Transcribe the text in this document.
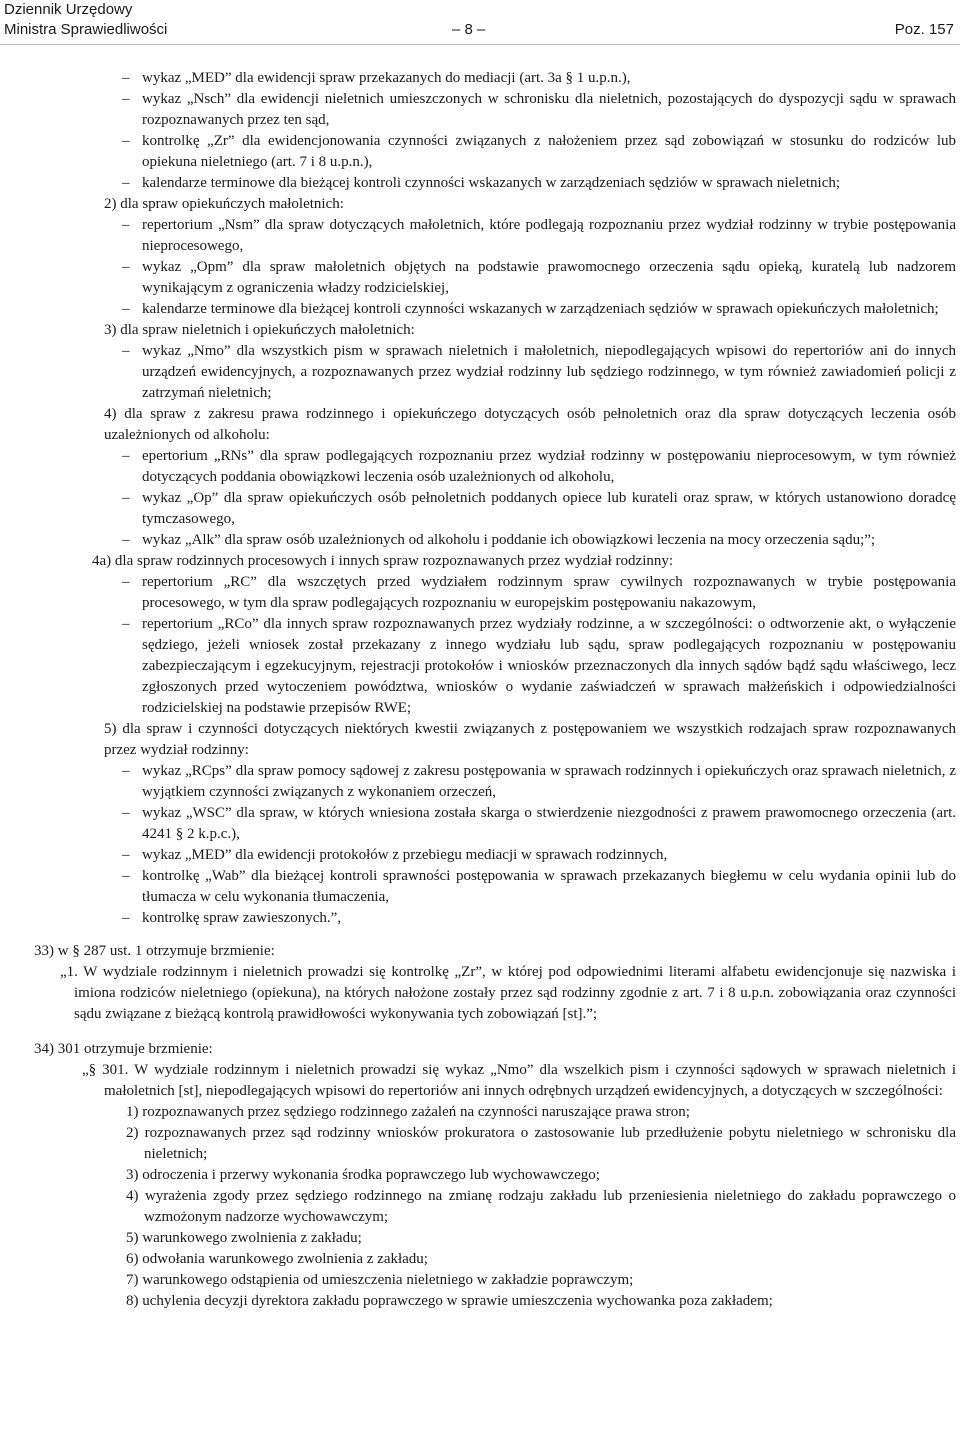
Dziennik Urzędowy
Ministra Sprawiedliwości	– 8 –	Poz. 157
– wykaz „MED” dla ewidencji spraw przekazanych do mediacji (art. 3a § 1 u.p.n.),
– wykaz „Nsch” dla ewidencji nieletnich umieszczonych w schronisku dla nieletnich, pozostających do dyspozycji sądu w sprawach rozpoznawanych przez ten sąd,
– kontrolkę „Zr” dla ewidencjonowania czynności związanych z nałożeniem przez sąd zobowiązań w stosunku do rodziców lub opiekuna nieletniego (art. 7 i 8 u.p.n.),
– kalendarze terminowe dla bieżącej kontroli czynności wskazanych w zarządzeniach sędziów w sprawach nieletnich;
2) dla spraw opiekuńczych małoletnich:
– repertorium „Nsm” dla spraw dotyczących małoletnich, które podlegają rozpoznaniu przez wydział rodzinny w trybie postępowania nieprocesowego,
– wykaz „Opm” dla spraw małoletnich objętych na podstawie prawomocnego orzeczenia sądu opieką, kuratelą lub nadzorem wynikającym z ograniczenia władzy rodzicielskiej,
– kalendarze terminowe dla bieżącej kontroli czynności wskazanych w zarządzeniach sędziów w sprawach opiekuńczych małoletnich;
3) dla spraw nieletnich i opiekuńczych małoletnich:
– wykaz „Nmo” dla wszystkich pism w sprawach nieletnich i małoletnich, niepodlegających wpisowi do repertoriów ani do innych urządzeń ewidencyjnych, a rozpoznawanych przez wydział rodzinny lub sędziego rodzinnego, w tym również zawiadomień policji z zatrzymań nieletnich;
4) dla spraw z zakresu prawa rodzinnego i opiekuńczego dotyczących osób pełnoletnich oraz dla spraw dotyczących leczenia osób uzależnionych od alkoholu:
– epertorium „RNs” dla spraw podlegających rozpoznaniu przez wydział rodzinny w postępowaniu nieprocesowym, w tym również dotyczących poddania obowiązkowi leczenia osób uzależnionych od alkoholu,
– wykaz „Op” dla spraw opiekuńczych osób pełnoletnich poddanych opiece lub kurateli oraz spraw, w których ustanowiono doradcę tymczasowego,
– wykaz „Alk” dla spraw osób uzależnionych od alkoholu i poddanie ich obowiązkowi leczenia na mocy orzeczenia sądu;”;
4a) dla spraw rodzinnych procesowych i innych spraw rozpoznawanych przez wydział rodzinny:
– repertorium „RC” dla wszczętych przed wydziałem rodzinnym spraw cywilnych rozpoznawanych w trybie postępowania procesowego, w tym dla spraw podlegających rozpoznaniu w europejskim postępowaniu nakazowym,
– repertorium „RCo” dla innych spraw rozpoznawanych przez wydziały rodzinne, a w szczególności: o odtworzenie akt, o wyłączenie sędziego, jeżeli wniosek został przekazany z innego wydziału lub sądu, spraw podlegających rozpoznaniu w postępowaniu zabezpieczającym i egzekucyjnym, rejestracji protokołów i wniosków przeznaczonych dla innych sądów bądź sądu właściwego, lecz zgłoszonych przed wytoczeniem powództwa, wniosków o wydanie zaświadczeń w sprawach małżeńskich i odpowiedzialności rodzicielskiej na podstawie przepisów RWE;
5) dla spraw i czynności dotyczących niektórych kwestii związanych z postępowaniem we wszystkich rodzajach spraw rozpoznawanych przez wydział rodzinny:
– wykaz „RCps” dla spraw pomocy sądowej z zakresu postępowania w sprawach rodzinnych i opiekuńczych oraz sprawach nieletnich, z wyjątkiem czynności związanych z wykonaniem orzeczeń,
– wykaz „WSC” dla spraw, w których wniesiona została skarga o stwierdzenie niezgodności z prawem prawomocnego orzeczenia (art. 4241 § 2 k.p.c.),
– wykaz „MED” dla ewidencji protokołów z przebiegu mediacji w sprawach rodzinnych,
– kontrolkę „Wab” dla bieżącej kontroli sprawności postępowania w sprawach przekazanych biegłemu w celu wydania opinii lub do tłumacza w celu wykonania tłumaczenia,
– kontrolkę spraw zawieszonych.”,
33) w § 287 ust. 1 otrzymuje brzmienie:
„1. W wydziale rodzinnym i nieletnich prowadzi się kontrolkę „Zr”, w której pod odpowiednimi literami alfabetu ewidencjonuje się nazwiska i imiona rodziców nieletniego (opiekuna), na których nałożone zostały przez sąd rodzinny zgodnie z art. 7 i 8 u.p.n. zobowiązania oraz czynności sądu związane z bieżącą kontrolą prawidłowości wykonywania tych zobowiązań [st].”;
34) 301 otrzymuje brzmienie:
„§ 301. W wydziale rodzinnym i nieletnich prowadzi się wykaz „Nmo” dla wszelkich pism i czynności sądowych w sprawach nieletnich i małoletnich [st], niepodlegających wpisowi do repertoriów ani innych odrębnych urządzeń ewidencyjnych, a dotyczących w szczególności:
1) rozpoznawanych przez sędziego rodzinnego zażaleń na czynności naruszające prawa stron;
2) rozpoznawanych przez sąd rodzinny wniosków prokuratora o zastosowanie lub przedłużenie pobytu nieletniego w schronisku dla nieletnich;
3) odroczenia i przerwy wykonania środka poprawczego lub wychowawczego;
4) wyrażenia zgody przez sędziego rodzinnego na zmianę rodzaju zakładu lub przeniesienia nieletniego do zakładu poprawczego o wzmożonym nadzorze wychowawczym;
5) warunkowego zwolnienia z zakładu;
6) odwołania warunkowego zwolnienia z zakładu;
7) warunkowego odstąpienia od umieszczenia nieletniego w zakładzie poprawczym;
8) uchylenia decyzji dyrektora zakładu poprawczego w sprawie umieszczenia wychowanka poza zakładem;
